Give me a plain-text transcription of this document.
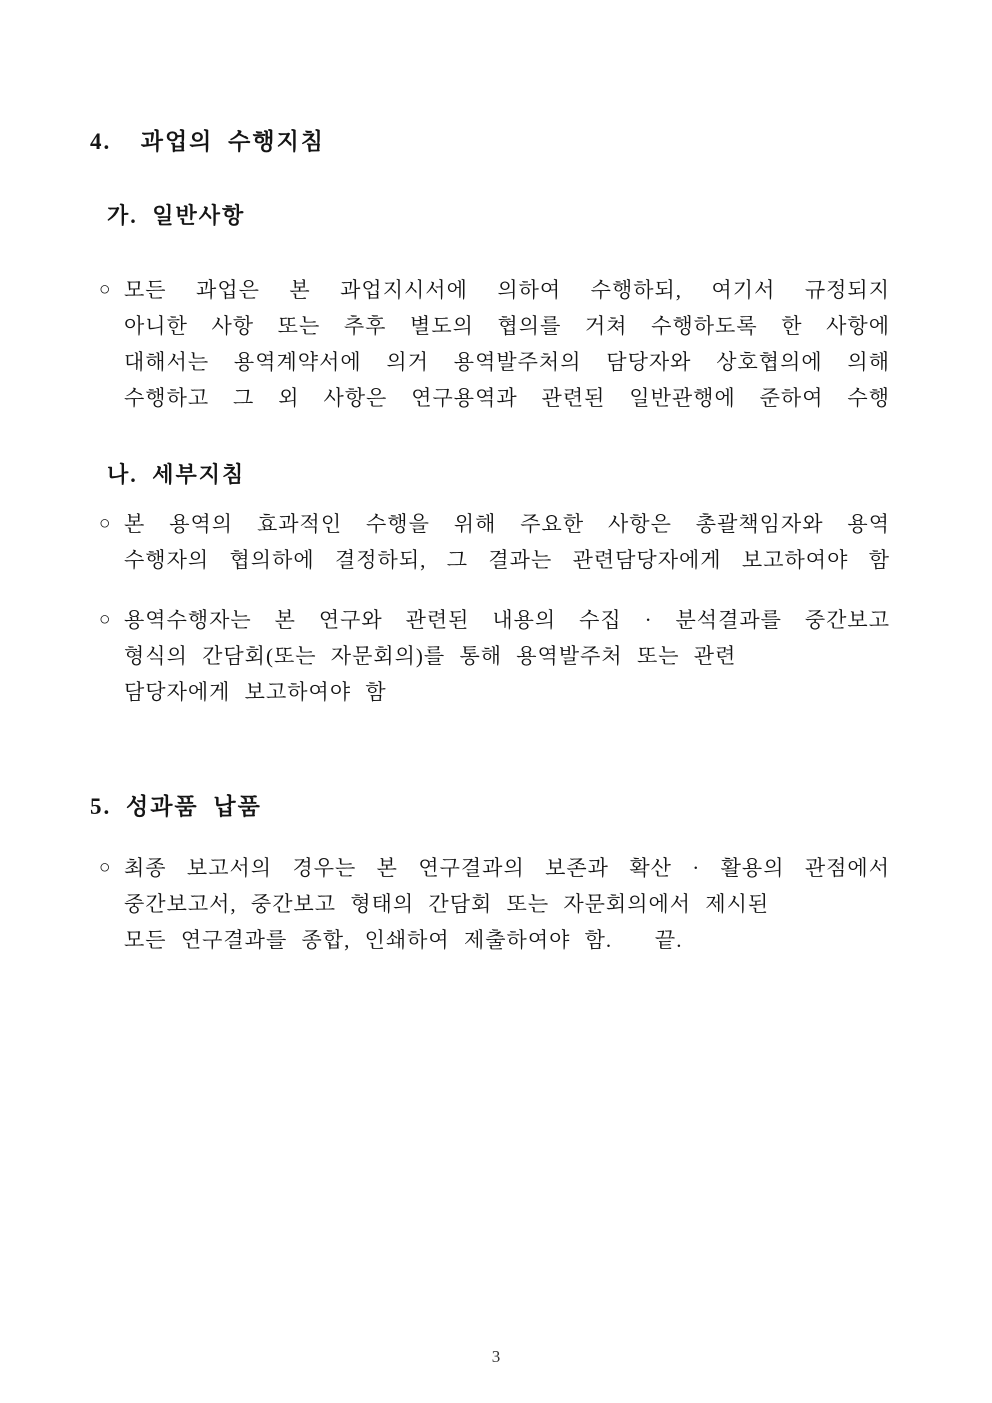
4.  과업의 수행지침
가. 일반사항
○ 모든 과업은 본 과업지시서에 의하여 수행하되, 여기서 규정되지
아니한 사항 또는 추후 별도의 협의를 거쳐 수행하도록 한 사항에
대해서는 용역계약서에 의거 용역발주처의 담당자와 상호협의에 의해
수행하고 그 외 사항은 연구용역과 관련된 일반관행에 준하여 수행
나. 세부지침
○ 본 용역의 효과적인 수행을 위해 주요한 사항은 총괄책임자와 용역
수행자의 협의하에 결정하되, 그 결과는 관련담당자에게 보고하여야 함
○ 용역수행자는 본 연구와 관련된 내용의 수집 · 분석결과를 중간보고
형식의 간담회(또는 자문회의)를 통해 용역발주처 또는 관련
담당자에게 보고하여야 함
5. 성과품 납품
○ 최종 보고서의 경우는 본 연구결과의 보존과 확산 · 활용의 관점에서
중간보고서, 중간보고 형태의 간담회 또는 자문회의에서 제시된
모든 연구결과를 종합, 인쇄하여 제출하여야 함.   끝.
3
